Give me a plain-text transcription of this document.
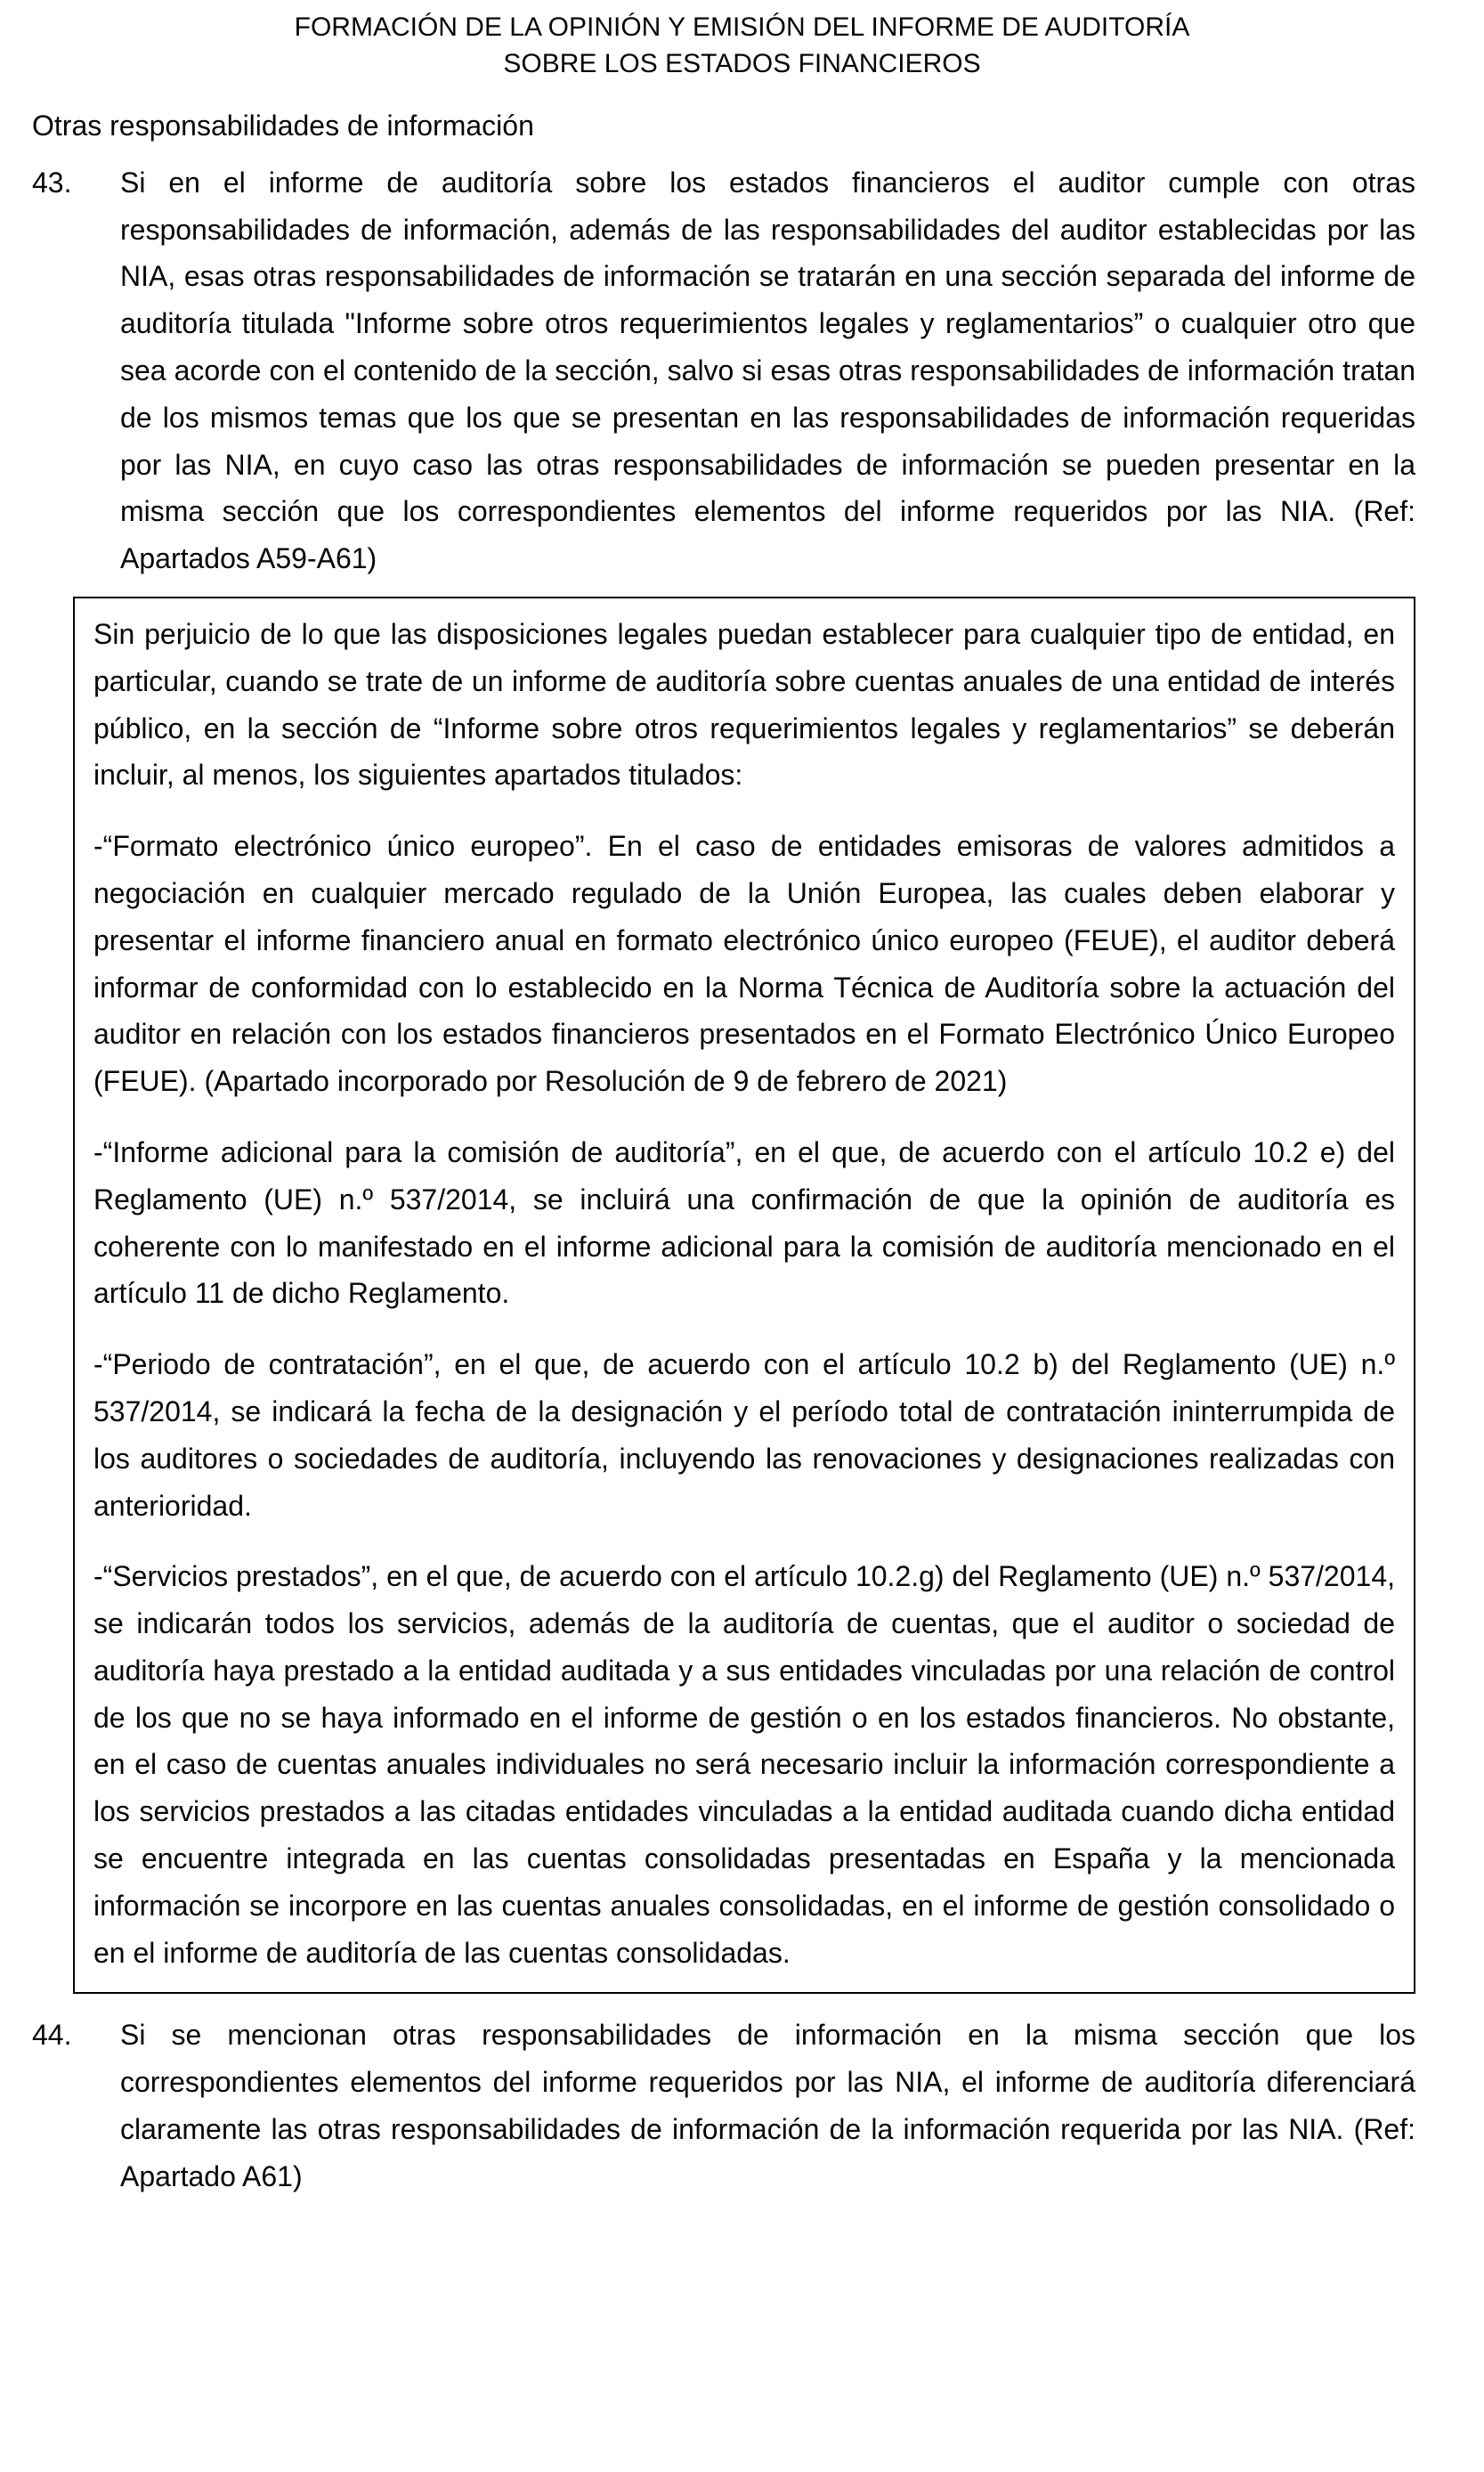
FORMACIÓN DE LA OPINIÓN Y EMISIÓN DEL INFORME DE AUDITORÍA
SOBRE LOS ESTADOS FINANCIEROS
Otras responsabilidades de información
43. Si en el informe de auditoría sobre los estados financieros el auditor cumple con otras responsabilidades de información, además de las responsabilidades del auditor establecidas por las NIA, esas otras responsabilidades de información se tratarán en una sección separada del informe de auditoría titulada "Informe sobre otros requerimientos legales y reglamentarios” o cualquier otro que sea acorde con el contenido de la sección, salvo si esas otras responsabilidades de información tratan de los mismos temas que los que se presentan en las responsabilidades de información requeridas por las NIA, en cuyo caso las otras responsabilidades de información se pueden presentar en la misma sección que los correspondientes elementos del informe requeridos por las NIA. (Ref: Apartados A59-A61)

Sin perjuicio de lo que las disposiciones legales puedan establecer para cualquier tipo de entidad, en particular, cuando se trate de un informe de auditoría sobre cuentas anuales de una entidad de interés público, en la sección de “Informe sobre otros requerimientos legales y reglamentarios” se deberán incluir, al menos, los siguientes apartados titulados:

-“Formato electrónico único europeo”. En el caso de entidades emisoras de valores admitidos a negociación en cualquier mercado regulado de la Unión Europea, las cuales deben elaborar y presentar el informe financiero anual en formato electrónico único europeo (FEUE), el auditor deberá informar de conformidad con lo establecido en la Norma Técnica de Auditoría sobre la actuación del auditor en relación con los estados financieros presentados en el Formato Electrónico Único Europeo (FEUE). (Apartado incorporado por Resolución de 9 de febrero de 2021)

-“Informe adicional para la comisión de auditoría”, en el que, de acuerdo con el artículo 10.2 e) del Reglamento (UE) n.º 537/2014, se incluirá una confirmación de que la opinión de auditoría es coherente con lo manifestado en el informe adicional para la comisión de auditoría mencionado en el artículo 11 de dicho Reglamento.

-“Periodo de contratación”, en el que, de acuerdo con el artículo 10.2 b) del Reglamento (UE) n.º 537/2014, se indicará la fecha de la designación y el período total de contratación ininterrumpida de los auditores o sociedades de auditoría, incluyendo las renovaciones y designaciones realizadas con anterioridad.

-“Servicios prestados”, en el que, de acuerdo con el artículo 10.2.g) del Reglamento (UE) n.º 537/2014, se indicarán todos los servicios, además de la auditoría de cuentas, que el auditor o sociedad de auditoría haya prestado a la entidad auditada y a sus entidades vinculadas por una relación de control de los que no se haya informado en el informe de gestión o en los estados financieros. No obstante, en el caso de cuentas anuales individuales no será necesario incluir la información correspondiente a los servicios prestados a las citadas entidades vinculadas a la entidad auditada cuando dicha entidad se encuentre integrada en las cuentas consolidadas presentadas en España y la mencionada información se incorpore en las cuentas anuales consolidadas, en el informe de gestión consolidado o en el informe de auditoría de las cuentas consolidadas.

44. Si se mencionan otras responsabilidades de información en la misma sección que los correspondientes elementos del informe requeridos por las NIA, el informe de auditoría diferenciará claramente las otras responsabilidades de información de la información requerida por las NIA. (Ref: Apartado A61)
